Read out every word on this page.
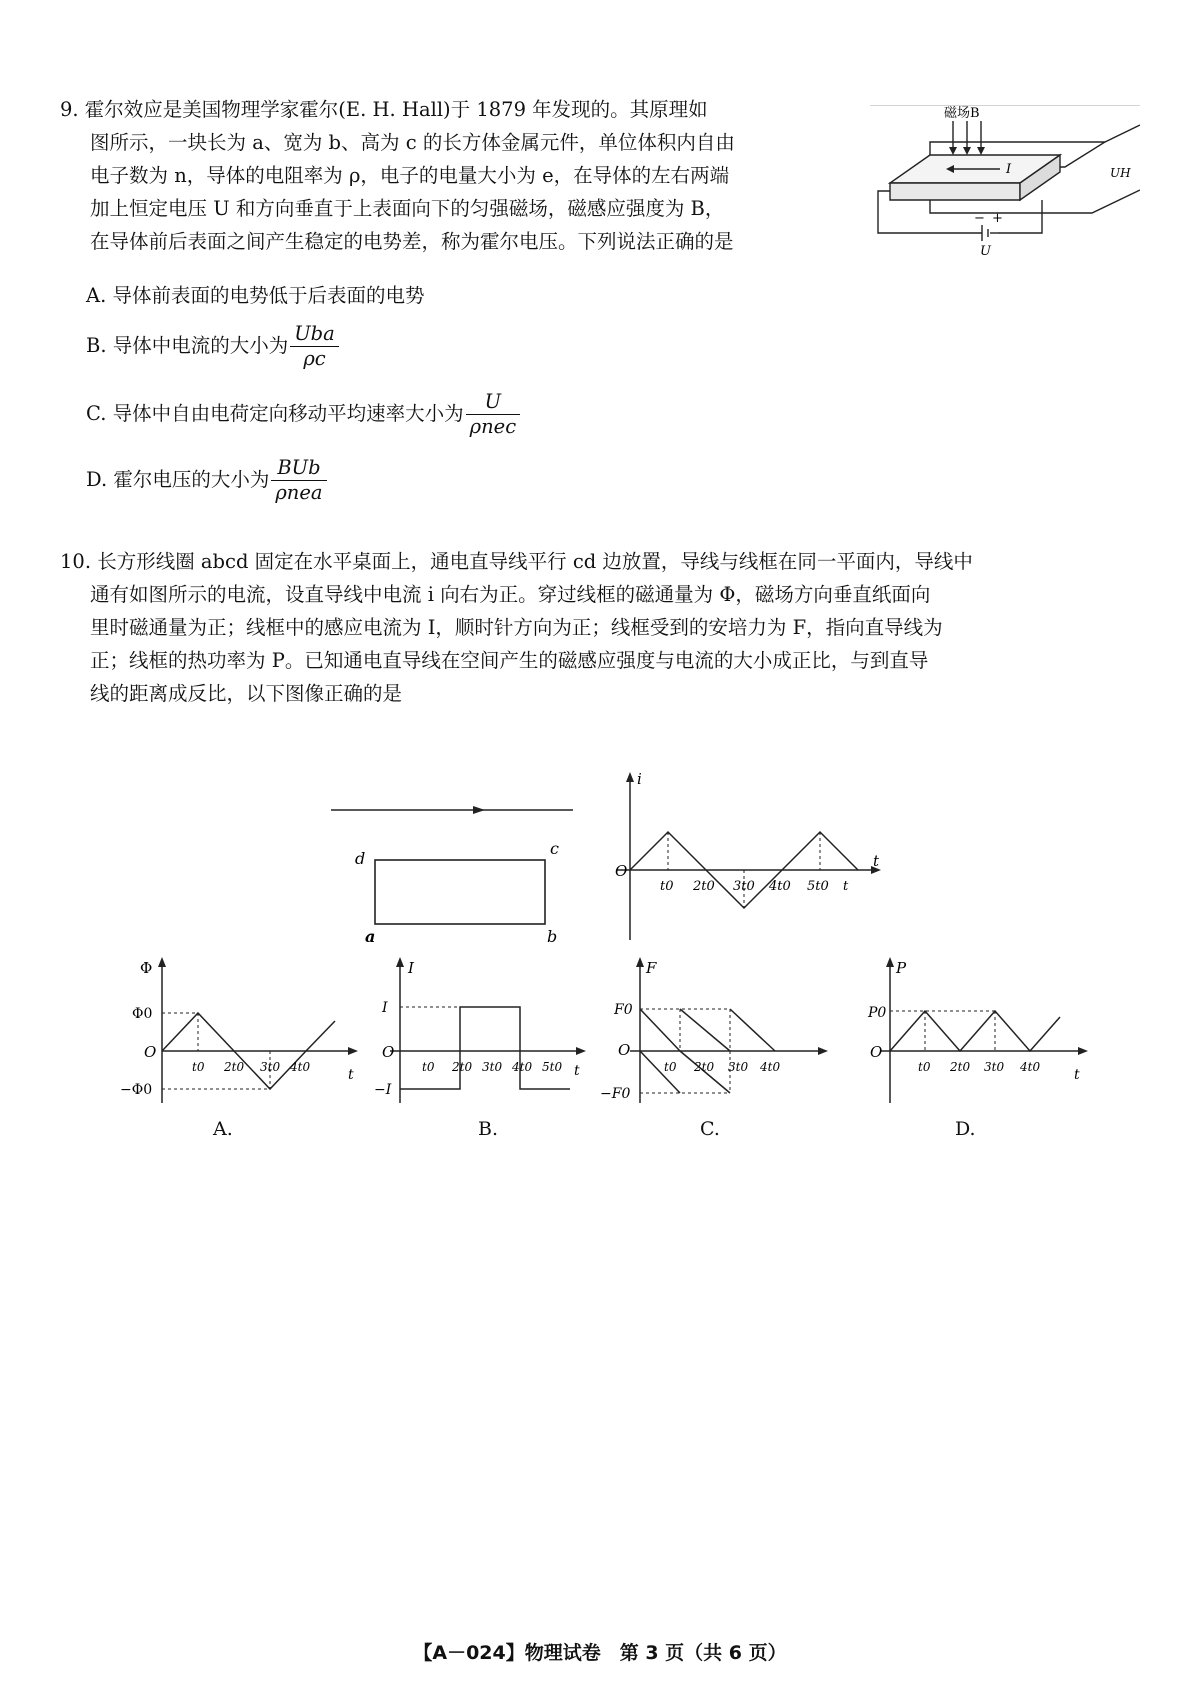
9. 霍尔效应是美国物理学家霍尔(E. H. Hall)于 1879 年发现的。其原理如
图所示，一块长为 a、宽为 b、高为 c 的长方体金属元件，单位体积内自由
电子数为 n，导体的电阻率为 ρ，电子的电量大小为 e，在导体的左右两端
加上恒定电压 U 和方向垂直于上表面向下的匀强磁场，磁感应强度为 B，
在导体前后表面之间产生稳定的电势差，称为霍尔电压。下列说法正确的是
A. 导体前表面的电势低于后表面的电势
B. 导体中电流的大小为 $\frac{\text{Uba}}{\rho c}$
C. 导体中自由电荷定向移动平均速率大小为 $\frac{U}{\text{ρnec}}$
D. 霍尔电压的大小为 $\frac{\text{BUb}}{\text{ρnea}}$
磁场B
I	UH
− +
U
10. 长方形线圈 abcd 固定在水平桌面上，通电直导线平行 cd 边放置，导线与线框在同一平面内，导线中
通有如图所示的电流，设直导线中电流 i 向右为正。穿过线框的磁通量为 Φ，磁场方向垂直纸面向
里时磁通量为正；线框中的感应电流为 I，顺时针方向为正；线框受到的安培力为 F，指向直导线为
正；线框的热功率为 P。已知通电直导线在空间产生的磁感应强度与电流的大小成正比，与到直导
线的距离成反比，以下图像正确的是
d
c
a	b
i
t
O
t0 2t0 3t0 4t0 5t0 t
Φ
t
O
Φ0
−Φ0
t0 2t0 3t0 4t0
I
t
O
I
−I
t0 2t0 3t0 4t0 5t0
F
O
F0
−F0
t0 2t0 3t0 4t0
P
t
O
P0
t0 2t0 3t0 4t0
A.	B.	C.	D.
【A－024】物理试卷　第 3 页（共 6 页）
